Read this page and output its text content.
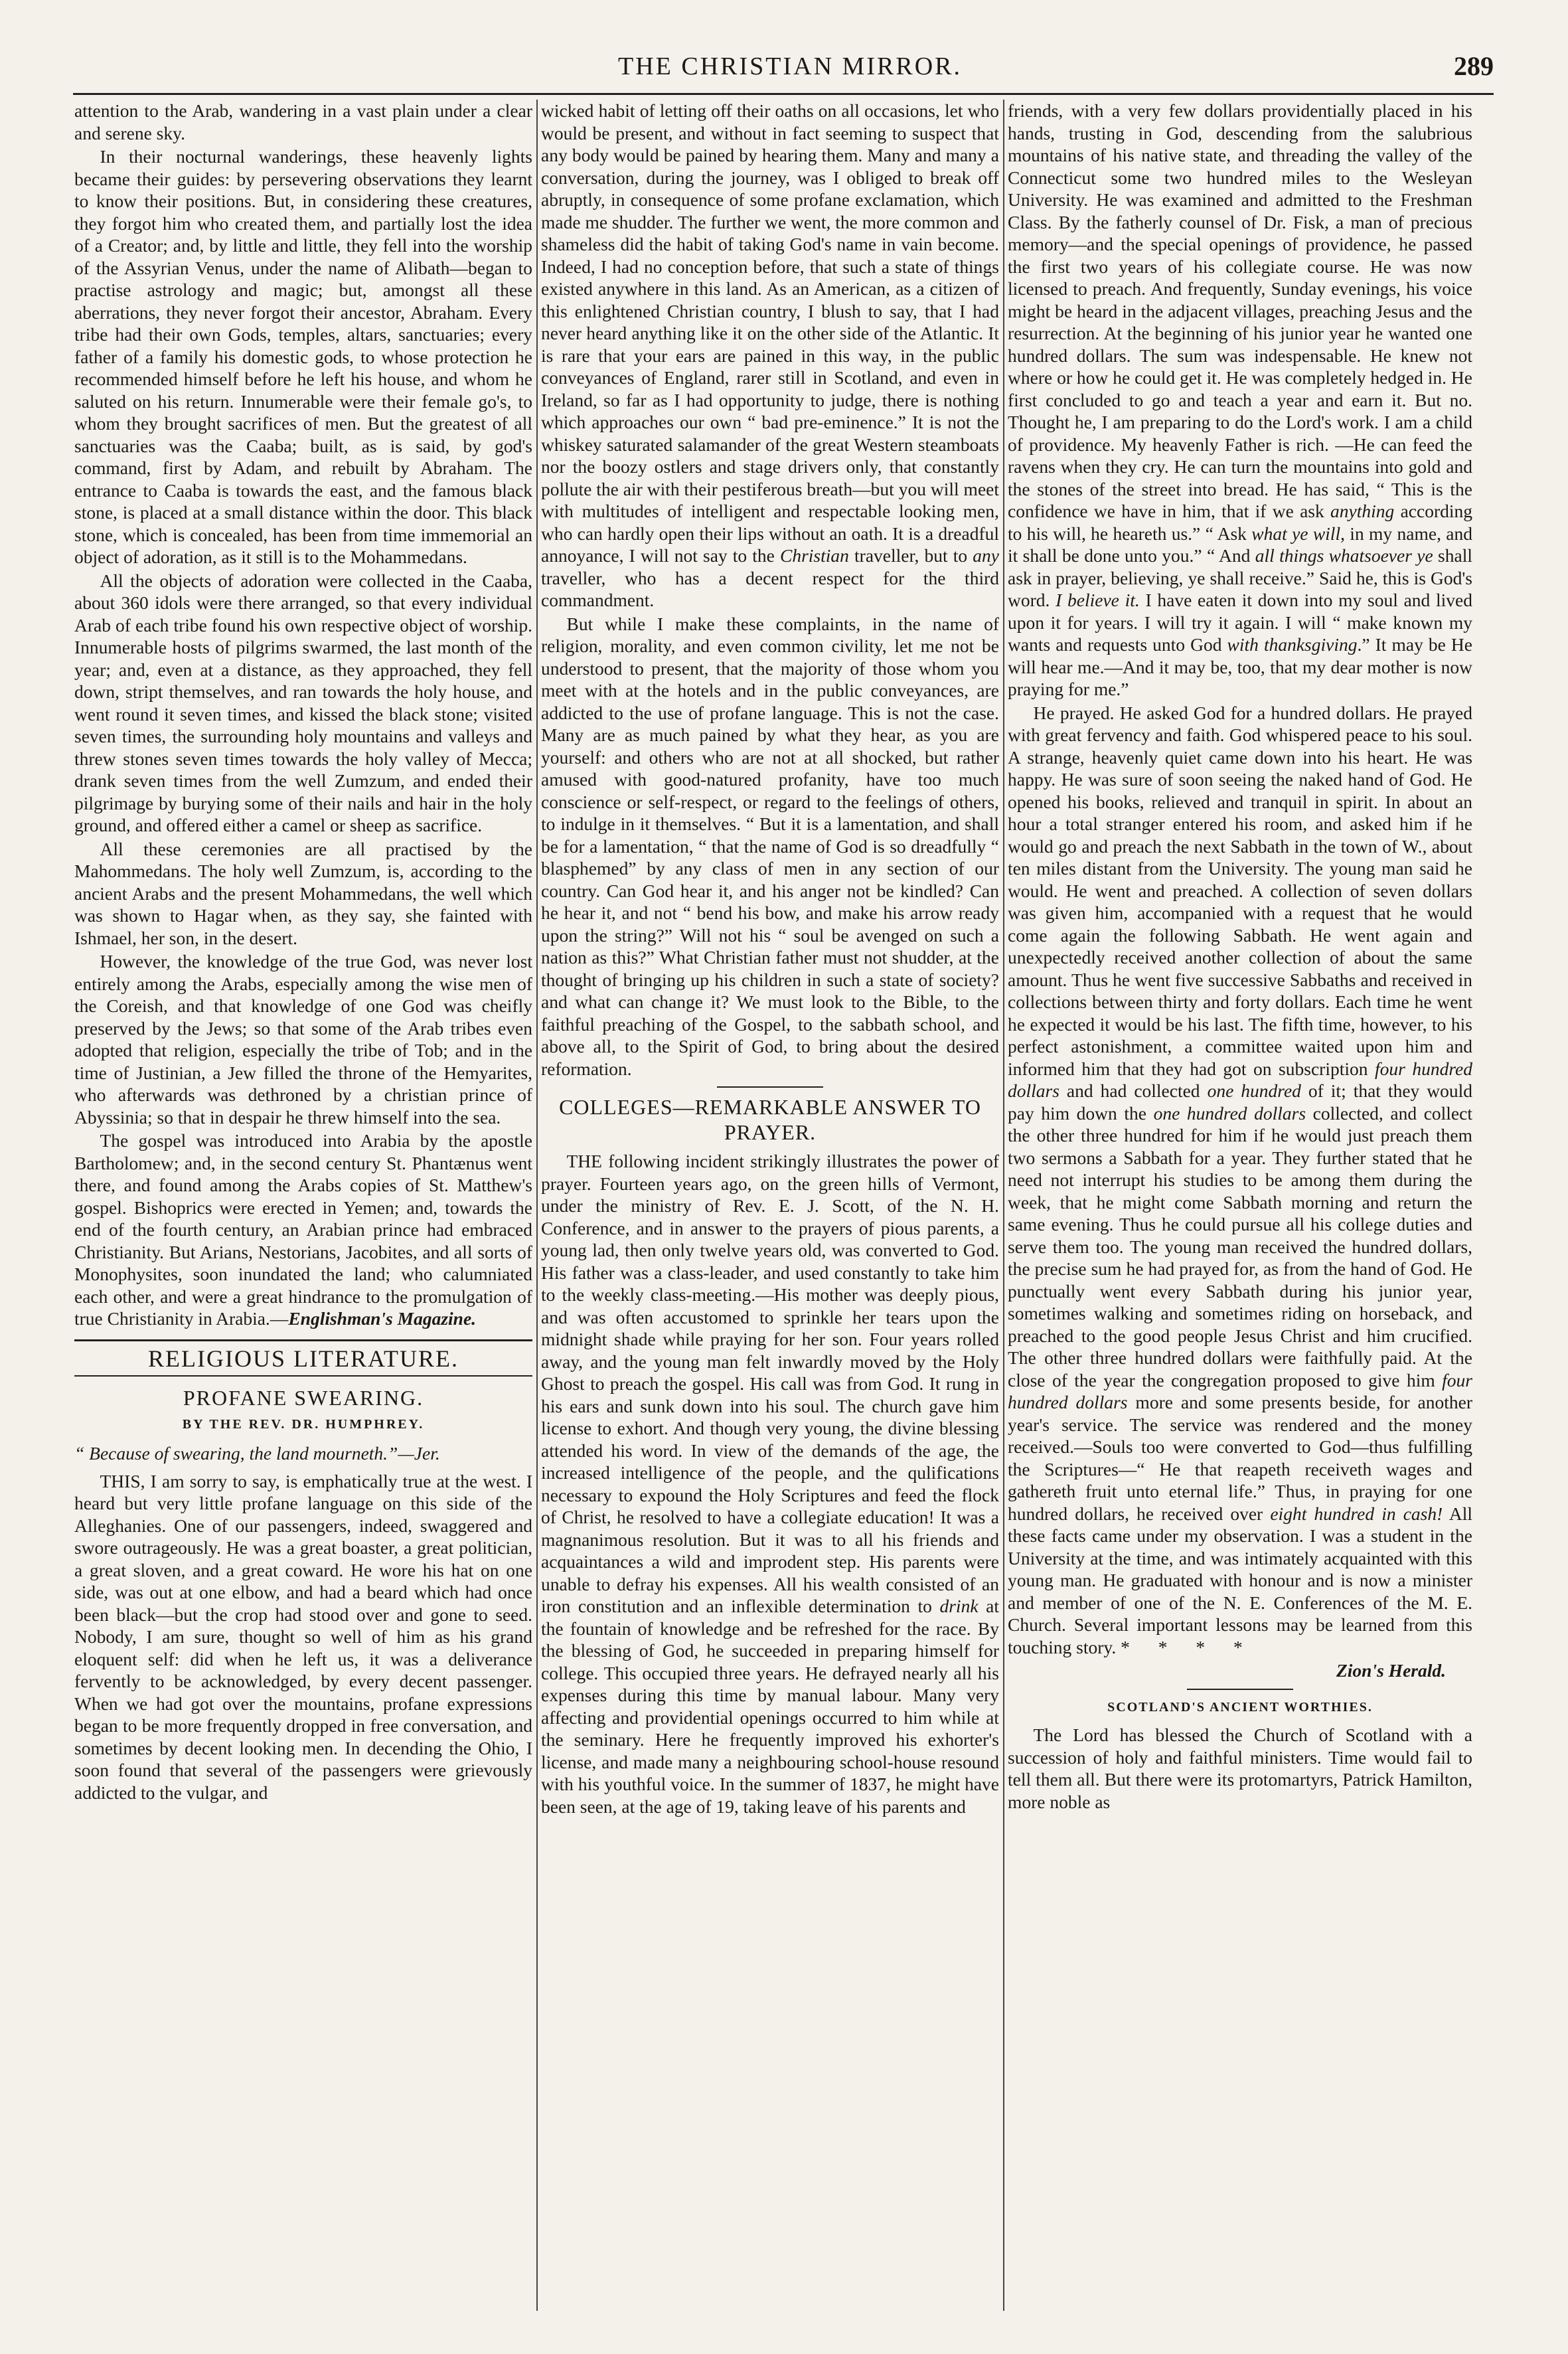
THE CHRISTIAN MIRROR.	289

attention to the Arab, wandering in a vast plain under a clear and serene sky.

In their nocturnal wanderings, these heavenly lights became their guides: by persevering observations they learnt to know their positions. But, in considering these creatures, they forgot him who created them, and partially lost the idea of a Creator; and, by little and little, they fell into the worship of the Assyrian Venus, under the name of Alibath—began to practise astrology and magic; but, amongst all these aberrations, they never forgot their ancestor, Abraham. Every tribe had their own Gods, temples, altars, sanctuaries; every father of a family his domestic gods, to whose protection he recommended himself before he left his house, and whom he saluted on his return. Innumerable were their female go's, to whom they brought sacrifices of men. But the greatest of all sanctuaries was the Caaba; built, as is said, by god's command, first by Adam, and rebuilt by Abraham. The entrance to Caaba is towards the east, and the famous black stone, is placed at a small distance within the door. This black stone, which is concealed, has been from time immemorial an object of adoration, as it still is to the Mohammedans.

All the objects of adoration were collected in the Caaba, about 360 idols were there arranged, so that every individual Arab of each tribe found his own respective object of worship. Innumerable hosts of pilgrims swarmed, the last month of the year; and, even at a distance, as they approached, they fell down, stript themselves, and ran towards the holy house, and went round it seven times, and kissed the black stone; visited seven times, the surrounding holy mountains and valleys and threw stones seven times towards the holy valley of Mecca; drank seven times from the well Zumzum, and ended their pilgrimage by burying some of their nails and hair in the holy ground, and offered either a camel or sheep as sacrifice.

All these ceremonies are all practised by the Mahommedans. The holy well Zumzum, is, according to the ancient Arabs and the present Mohammedans, the well which was shown to Hagar when, as they say, she fainted with Ishmael, her son, in the desert.

However, the knowledge of the true God, was never lost entirely among the Arabs, especially among the wise men of the Coreish, and that knowledge of one God was cheifly preserved by the Jews; so that some of the Arab tribes even adopted that religion, especially the tribe of Tob; and in the time of Justinian, a Jew filled the throne of the Hemyarites, who afterwards was dethroned by a christian prince of Abyssinia; so that in despair he threw himself into the sea.

The gospel was introduced into Arabia by the apostle Bartholomew; and, in the second century St. Phantænus went there, and found among the Arabs copies of St. Matthew's gospel. Bishoprics were erected in Yemen; and, towards the end of the fourth century, an Arabian prince had embraced Christianity. But Arians, Nestorians, Jacobites, and all sorts of Monophysites, soon inundated the land; who calumniated each other, and were a great hindrance to the promulgation of true Christianity in Arabia.—Englishman's Magazine.

RELIGIOUS LITERATURE.
PROFANE SWEARING.
BY THE REV. DR. HUMPHREY.
“ Because of swearing, the land mourneth.”—Jer.

THIS, I am sorry to say, is emphatically true at the west. I heard but very little profane language on this side of the Alleghanies. One of our passengers, indeed, swaggered and swore outrageously. He was a great boaster, a great politician, a great sloven, and a great coward. He wore his hat on one side, was out at one elbow, and had a beard which had once been black—but the crop had stood over and gone to seed. Nobody, I am sure, thought so well of him as his grand eloquent self: did when he left us, it was a deliverance fervently to be acknowledged, by every decent passenger. When we had got over the mountains, profane expressions began to be more frequently dropped in free conversation, and sometimes by decent looking men. In decending the Ohio, I soon found that several of the passengers were grievously addicted to the vulgar, and

wicked habit of letting off their oaths on all occasions, let who would be present, and without in fact seeming to suspect that any body would be pained by hearing them. Many and many a conversation, during the journey, was I obliged to break off abruptly, in consequence of some profane exclamation, which made me shudder. The further we went, the more common and shameless did the habit of taking God's name in vain become. Indeed, I had no conception before, that such a state of things existed anywhere in this land. As an American, as a citizen of this enlightened Christian country, I blush to say, that I had never heard anything like it on the other side of the Atlantic. It is rare that your ears are pained in this way, in the public conveyances of England, rarer still in Scotland, and even in Ireland, so far as I had opportunity to judge, there is nothing which approaches our own “ bad pre-eminence.” It is not the whiskey saturated salamander of the great Western steamboats nor the boozy ostlers and stage drivers only, that constantly pollute the air with their pestiferous breath—but you will meet with multitudes of intelligent and respectable looking men, who can hardly open their lips without an oath. It is a dreadful annoyance, I will not say to the Christian traveller, but to any traveller, who has a decent respect for the third commandment.

But while I make these complaints, in the name of religion, morality, and even common civility, let me not be understood to present, that the majority of those whom you meet with at the hotels and in the public conveyances, are addicted to the use of profane language. This is not the case. Many are as much pained by what they hear, as you are yourself: and others who are not at all shocked, but rather amused with good-natured profanity, have too much conscience or self-respect, or regard to the feelings of others, to indulge in it themselves. “ But it is a lamentation, and shall be for a lamentation, “ that the name of God is so dreadfully “ blasphemed” by any class of men in any section of our country. Can God hear it, and his anger not be kindled? Can he hear it, and not “ bend his bow, and make his arrow ready upon the string?” Will not his “ soul be avenged on such a nation as this?” What Christian father must not shudder, at the thought of bringing up his children in such a state of society? and what can change it? We must look to the Bible, to the faithful preaching of the Gospel, to the sabbath school, and above all, to the Spirit of God, to bring about the desired reformation.

COLLEGES—REMARKABLE ANSWER TO PRAYER.

THE following incident strikingly illustrates the power of prayer. Fourteen years ago, on the green hills of Vermont, under the ministry of Rev. E. J. Scott, of the N. H. Conference, and in answer to the prayers of pious parents, a young lad, then only twelve years old, was converted to God. His father was a class-leader, and used constantly to take him to the weekly class-meeting.—His mother was deeply pious, and was often accustomed to sprinkle her tears upon the midnight shade while praying for her son. Four years rolled away, and the young man felt inwardly moved by the Holy Ghost to preach the gospel. His call was from God. It rung in his ears and sunk down into his soul. The church gave him license to exhort. And though very young, the divine blessing attended his word. In view of the demands of the age, the increased intelligence of the people, and the qulifications necessary to expound the Holy Scriptures and feed the flock of Christ, he resolved to have a collegiate education! It was a magnanimous resolution. But it was to all his friends and acquaintances a wild and improdent step. His parents were unable to defray his expenses. All his wealth consisted of an iron constitution and an inflexible determination to drink at the fountain of knowledge and be refreshed for the race. By the blessing of God, he succeeded in preparing himself for college. This occupied three years. He defrayed nearly all his expenses during this time by manual labour. Many very affecting and providential openings occurred to him while at the seminary. Here he frequently improved his exhorter's license, and made many a neighbouring school-house resound with his youthful voice. In the summer of 1837, he might have been seen, at the age of 19, taking leave of his parents and

friends, with a very few dollars providentially placed in his hands, trusting in God, descending from the salubrious mountains of his native state, and threading the valley of the Connecticut some two hundred miles to the Wesleyan University. He was examined and admitted to the Freshman Class. By the fatherly counsel of Dr. Fisk, a man of precious memory—and the special openings of providence, he passed the first two years of his collegiate course. He was now licensed to preach. And frequently, Sunday evenings, his voice might be heard in the adjacent villages, preaching Jesus and the resurrection. At the beginning of his junior year he wanted one hundred dollars. The sum was indespensable. He knew not where or how he could get it. He was completely hedged in. He first concluded to go and teach a year and earn it. But no. Thought he, I am preparing to do the Lord's work. I am a child of providence. My heavenly Father is rich. —He can feed the ravens when they cry. He can turn the mountains into gold and the stones of the street into bread. He has said, “ This is the confidence we have in him, that if we ask anything according to his will, he heareth us.” “ Ask what ye will, in my name, and it shall be done unto you.” “ And all things whatsoever ye shall ask in prayer, believing, ye shall receive.” Said he, this is God's word. I believe it. I have eaten it down into my soul and lived upon it for years. I will try it again. I will “ make known my wants and requests unto God with thanksgiving.” It may be He will hear me.—And it may be, too, that my dear mother is now praying for me.”

He prayed. He asked God for a hundred dollars. He prayed with great fervency and faith. God whispered peace to his soul. A strange, heavenly quiet came down into his heart. He was happy. He was sure of soon seeing the naked hand of God. He opened his books, relieved and tranquil in spirit. In about an hour a total stranger entered his room, and asked him if he would go and preach the next Sabbath in the town of W., about ten miles distant from the University. The young man said he would. He went and preached. A collection of seven dollars was given him, accompanied with a request that he would come again the following Sabbath. He went again and unexpectedly received another collection of about the same amount. Thus he went five successive Sabbaths and received in collections between thirty and forty dollars. Each time he went he expected it would be his last. The fifth time, however, to his perfect astonishment, a committee waited upon him and informed him that they had got on subscription four hundred dollars and had collected one hundred of it; that they would pay him down the one hundred dollars collected, and collect the other three hundred for him if he would just preach them two sermons a Sabbath for a year. They further stated that he need not interrupt his studies to be among them during the week, that he might come Sabbath morning and return the same evening. Thus he could pursue all his college duties and serve them too. The young man received the hundred dollars, the precise sum he had prayed for, as from the hand of God. He punctually went every Sabbath during his junior year, sometimes walking and sometimes riding on horseback, and preached to the good people Jesus Christ and him crucified. The other three hundred dollars were faithfully paid. At the close of the year the congregation proposed to give him four hundred dollars more and some presents beside, for another year's service. The service was rendered and the money received.—Souls too were converted to God—thus fulfilling the Scriptures—“ He that reapeth receiveth wages and gathereth fruit unto eternal life.” Thus, in praying for one hundred dollars, he received over eight hundred in cash! All these facts came under my observation. I was a student in the University at the time, and was intimately acquainted with this young man. He graduated with honour and is now a minister and member of one of the N. E. Conferences of the M. E. Church. Several important lessons may be learned from this touching story. * * * *

Zion's Herald.
SCOTLAND'S ANCIENT WORTHIES.

The Lord has blessed the Church of Scotland with a succession of holy and faithful ministers. Time would fail to tell them all. But there were its protomartyrs, Patrick Hamilton, more noble as
